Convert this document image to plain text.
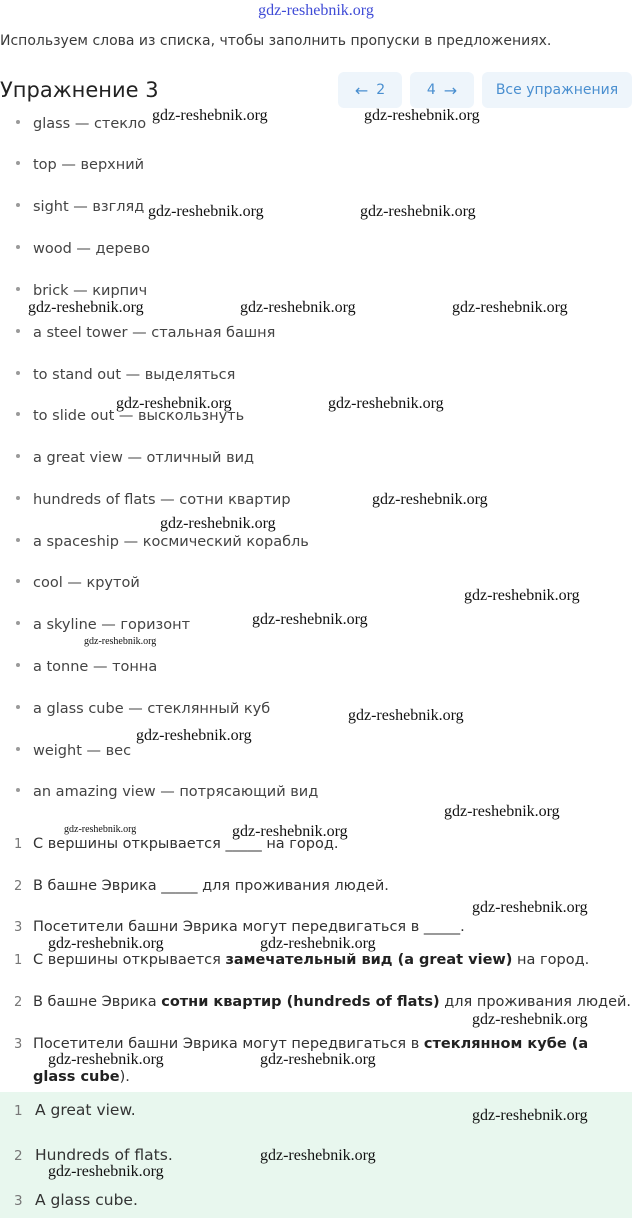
gdz-reshebnik.org
Используем слова из списка, чтобы заполнить пропуски в предложениях.
Упражнение 3	← 2	4 →	Все упражнения
glass — стекло
top — верхний
sight — взгляд
wood — дерево
brick — кирпич
a steel tower — стальная башня
to stand out — выделяться
to slide out — выскользнуть
a great view — отличный вид
hundreds of flats — сотни квартир
a spaceship — космический корабль
cool — крутой
a skyline — горизонт
a tonne — тонна
a glass cube — стеклянный куб
weight — вес
an amazing view — потрясающий вид
1 С вершины открывается _____ на город.
2 В башне Эврика _____ для проживания людей.
3 Посетители башни Эврика могут передвигаться в _____.
1 С вершины открывается замечательный вид (a great view) на город.
2 В башне Эврика сотни квартир (hundreds of flats) для проживания людей.
3 Посетители башни Эврика могут передвигаться в стеклянном кубе (a
glass cube).
1 A great view.
2 Hundreds of flats.
3 A glass cube.
gdz-reshebnik.org	gdz-reshebnik.org
gdz-reshebnik.org	gdz-reshebnik.org
gdz-reshebnik.org	gdz-reshebnik.org	gdz-reshebnik.org
gdz-reshebnik.org	gdz-reshebnik.org
gdz-reshebnik.org
gdz-reshebnik.org
gdz-reshebnik.org
gdz-reshebnik.org
gdz-reshebnik.org
gdz-reshebnik.org
gdz-reshebnik.org
gdz-reshebnik.org
gdz-reshebnik.org	gdz-reshebnik.org
gdz-reshebnik.org
gdz-reshebnik.org	gdz-reshebnik.org
gdz-reshebnik.org
gdz-reshebnik.org	gdz-reshebnik.org
gdz-reshebnik.org
gdz-reshebnik.org
gdz-reshebnik.org
